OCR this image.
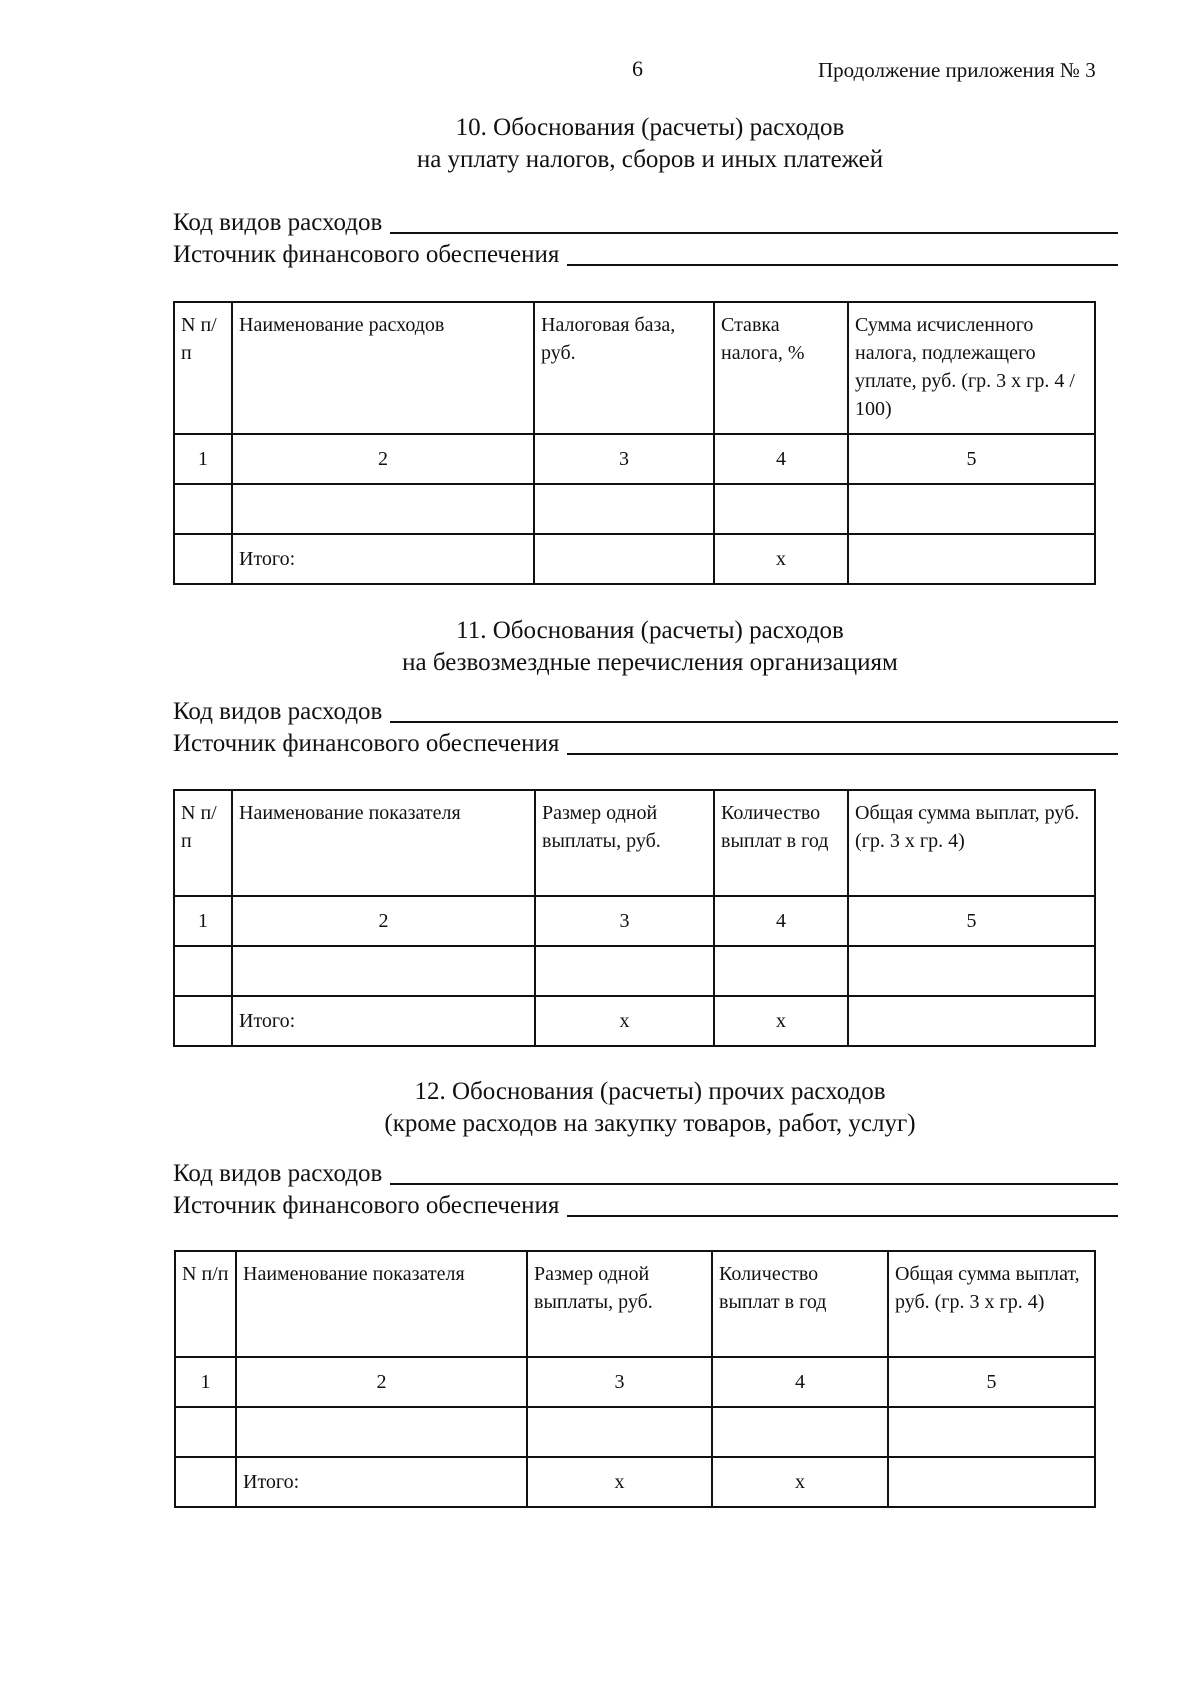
6	Продолжение приложения № 3
10. Обоснования (расчеты) расходов
на уплату налогов, сборов и иных платежей
Код видов расходов
Источник финансового обеспечения
N п/п	Наименование расходов	Налоговая база, руб.	Ставка налога, %	Сумма исчисленного налога, подлежащего уплате, руб. (гр. 3 х гр. 4 / 100)
1	2	3	4	5

	Итого:		х	
11. Обоснования (расчеты) расходов
на безвозмездные перечисления организациям
Код видов расходов
Источник финансового обеспечения
N п/п	Наименование показателя	Размер одной выплаты, руб.	Количество выплат в год	Общая сумма выплат, руб. (гр. 3 х гр. 4)
1	2	3	4	5

	Итого:	х	х	
12. Обоснования (расчеты) прочих расходов
(кроме расходов на закупку товаров, работ, услуг)
Код видов расходов
Источник финансового обеспечения
N п/п	Наименование показателя	Размер одной выплаты, руб.	Количество выплат в год	Общая сумма выплат, руб. (гр. 3 х гр. 4)
1	2	3	4	5

	Итого:	х	х	
